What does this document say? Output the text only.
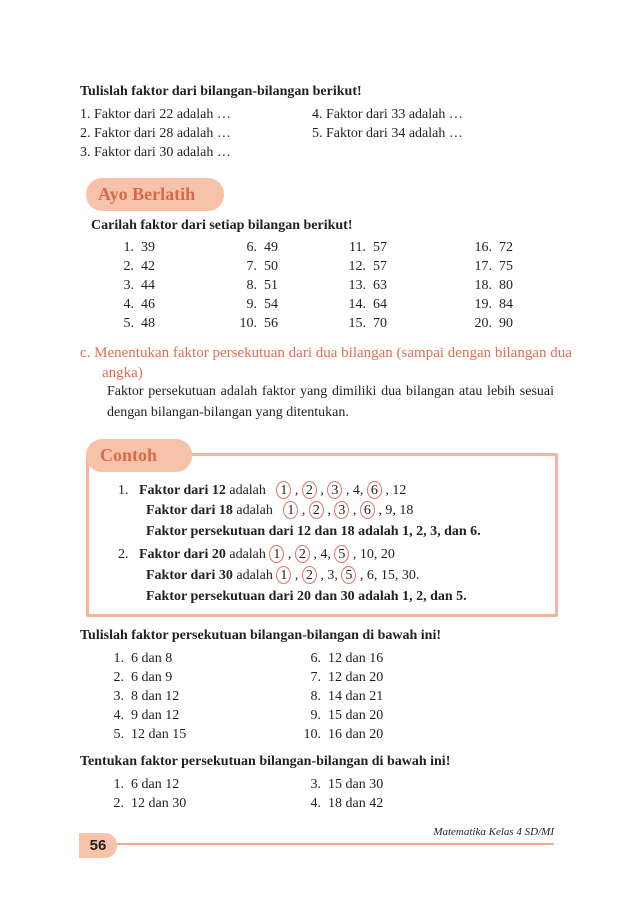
Tulislah faktor dari bilangan-bilangan berikut!
1. Faktor dari 22 adalah …
2. Faktor dari 28 adalah …
3. Faktor dari 30 adalah …
4. Faktor dari 33 adalah …
5. Faktor dari 34 adalah …
Ayo Berlatih
Carilah faktor dari setiap bilangan berikut!
1. 39
2. 42
3. 44
4. 46
5. 48
6. 49
7. 50
8. 51
9. 54
10. 56
11. 57
12. 57
13. 63
14. 64
15. 70
16. 72
17. 75
18. 80
19. 84
20. 90
c. Menentukan faktor persekutuan dari dua bilangan (sampai dengan bilangan dua angka)
Faktor persekutuan adalah faktor yang dimiliki dua bilangan atau lebih sesuai dengan bilangan-bilangan yang ditentukan.
Contoh
1. Faktor dari 12 adalah 1 , 2 , 3 , 4, 6 , 12
Faktor dari 18 adalah 1 , 2 , 3 , 6 , 9, 18
Faktor persekutuan dari 12 dan 18 adalah 1, 2, 3, dan 6.
2. Faktor dari 20 adalah 1 , 2 , 4, 5 , 10, 20
Faktor dari 30 adalah 1 , 2 , 3, 5 , 6, 15, 30.
Faktor persekutuan dari 20 dan 30 adalah 1, 2, dan 5.
Tulislah faktor persekutuan bilangan-bilangan di bawah ini!
1. 6 dan 8
2. 6 dan 9
3. 8 dan 12
4. 9 dan 12
5. 12 dan 15
6. 12 dan 16
7. 12 dan 20
8. 14 dan 21
9. 15 dan 20
10. 16 dan 20
Tentukan faktor persekutuan bilangan-bilangan di bawah ini!
1. 6 dan 12
2. 12 dan 30
3. 15 dan 30
4. 18 dan 42
Matematika Kelas 4 SD/MI
56
